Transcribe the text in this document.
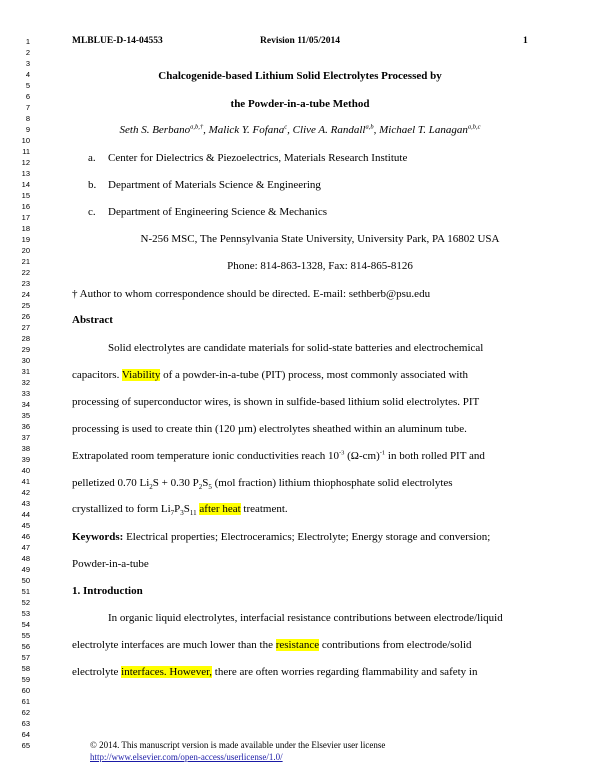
1
2
3
4
5
6
7
8
9
10
11
12
13
14
15
16
17
18
19
20
21
22
23
24
25
26
27
28
29
30
31
32
33
34
35
36
37
38
39
40
41
42
43
44
45
46
47
48
49
50
51
52
53
54
55
56
57
58
59
60
61
62
63
64
65
MLBLUE-D-14-04553	Revision 11/05/2014	1
Chalcogenide-based Lithium Solid Electrolytes Processed by
the Powder-in-a-tube Method
Seth S. Berbano$^{a,b,\dagger}$, Malick Y. Fofana$^c$, Clive A. Randall$^{a,b}$, Michael T. Lanagan$^{a,b,c}$
a. Center for Dielectrics & Piezoelectrics, Materials Research Institute
b. Department of Materials Science & Engineering
c. Department of Engineering Science & Mechanics
N-256 MSC, The Pennsylvania State University, University Park, PA 16802 USA
Phone: 814-863-1328, Fax: 814-865-8126
† Author to whom correspondence should be directed. E-mail: sethberb@psu.edu
Abstract
Solid electrolytes are candidate materials for solid-state batteries and electrochemical
capacitors. Viability of a powder-in-a-tube (PIT) process, most commonly associated with
processing of superconductor wires, is shown in sulfide-based lithium solid electrolytes. PIT
processing is used to create thin (120 µm) electrolytes sheathed within an aluminum tube.
Extrapolated room temperature ionic conductivities reach $10^{-3}$ $(\Omega-cm)^{-1}$ in both rolled PIT and
pelletized 0.70 $Li_2S + 0.30$ $P_2S_5$ (mol fraction) lithium thiophosphate solid electrolytes
crystallized to form $Li_7P_3S_{11}$ after heat treatment.
Keywords: Electrical properties; Electroceramics; Electrolyte; Energy storage and conversion;
Powder-in-a-tube
1. Introduction
In organic liquid electrolytes, interfacial resistance contributions between electrode/liquid
electrolyte interfaces are much lower than the resistance contributions from electrode/solid
electrolyte interfaces. However, there are often worries regarding flammability and safety in
© 2014. This manuscript version is made available under the Elsevier user license
http://www.elsevier.com/open-access/userlicense/1.0/
